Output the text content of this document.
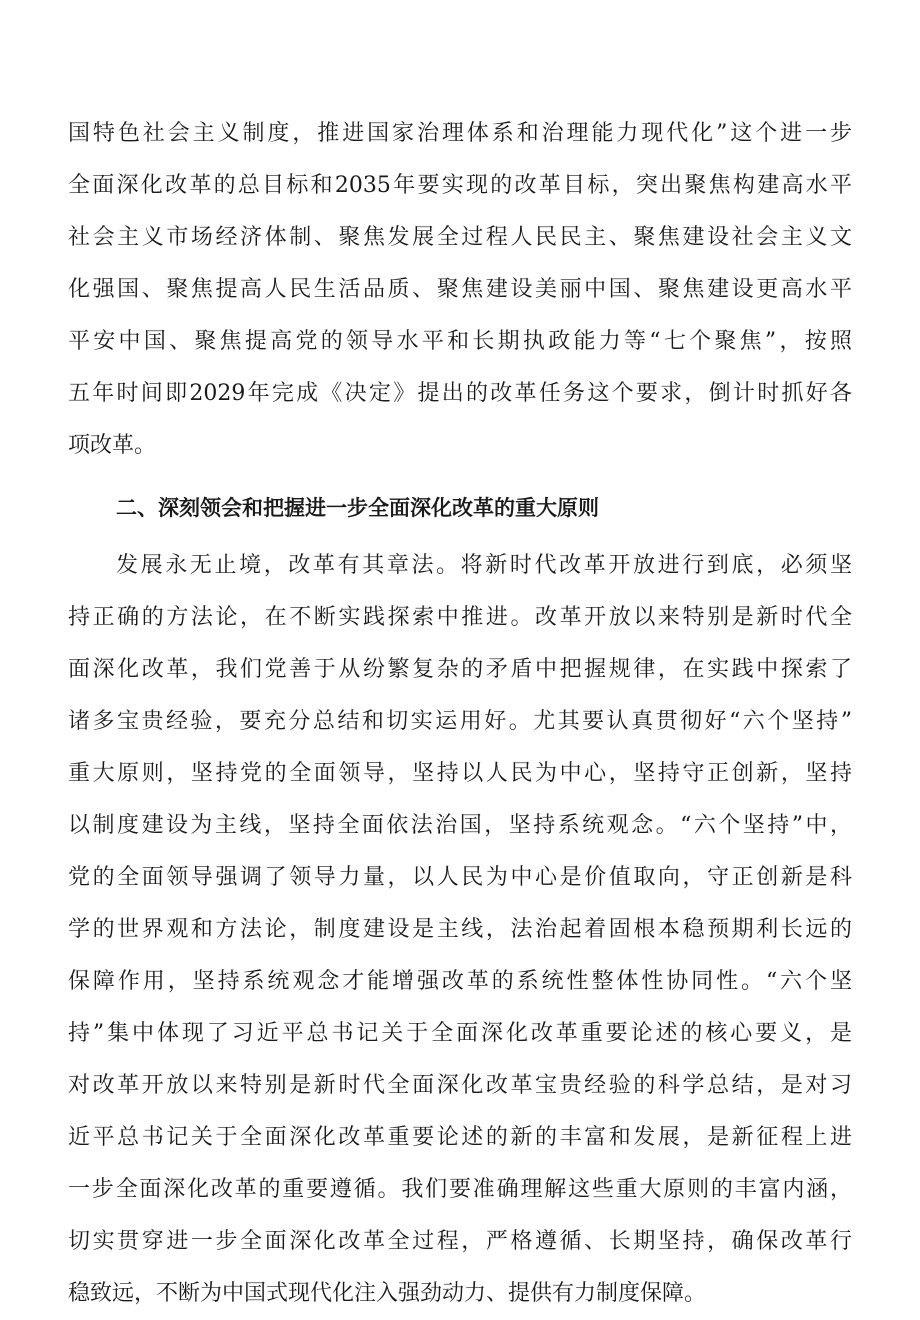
国特色社会主义制度，推进国家治理体系和治理能力现代化”这个进一步
全面深化改革的总目标和2035年要实现的改革目标，突出聚焦构建高水平
社会主义市场经济体制、聚焦发展全过程人民民主、聚焦建设社会主义文
化强国、聚焦提高人民生活品质、聚焦建设美丽中国、聚焦建设更高水平
平安中国、聚焦提高党的领导水平和长期执政能力等“七个聚焦”，按照
五年时间即2029年完成《决定》提出的改革任务这个要求，倒计时抓好各
项改革。
二、深刻领会和把握进一步全面深化改革的重大原则
发展永无止境，改革有其章法。将新时代改革开放进行到底，必须坚
持正确的方法论，在不断实践探索中推进。改革开放以来特别是新时代全
面深化改革，我们党善于从纷繁复杂的矛盾中把握规律，在实践中探索了
诸多宝贵经验，要充分总结和切实运用好。尤其要认真贯彻好“六个坚持”
重大原则，坚持党的全面领导，坚持以人民为中心，坚持守正创新，坚持
以制度建设为主线，坚持全面依法治国，坚持系统观念。“六个坚持”中，
党的全面领导强调了领导力量，以人民为中心是价值取向，守正创新是科
学的世界观和方法论，制度建设是主线，法治起着固根本稳预期利长远的
保障作用，坚持系统观念才能增强改革的系统性整体性协同性。“六个坚
持”集中体现了习近平总书记关于全面深化改革重要论述的核心要义，是
对改革开放以来特别是新时代全面深化改革宝贵经验的科学总结，是对习
近平总书记关于全面深化改革重要论述的新的丰富和发展，是新征程上进
一步全面深化改革的重要遵循。我们要准确理解这些重大原则的丰富内涵，
切实贯穿进一步全面深化改革全过程，严格遵循、长期坚持，确保改革行
稳致远，不断为中国式现代化注入强劲动力、提供有力制度保障。
